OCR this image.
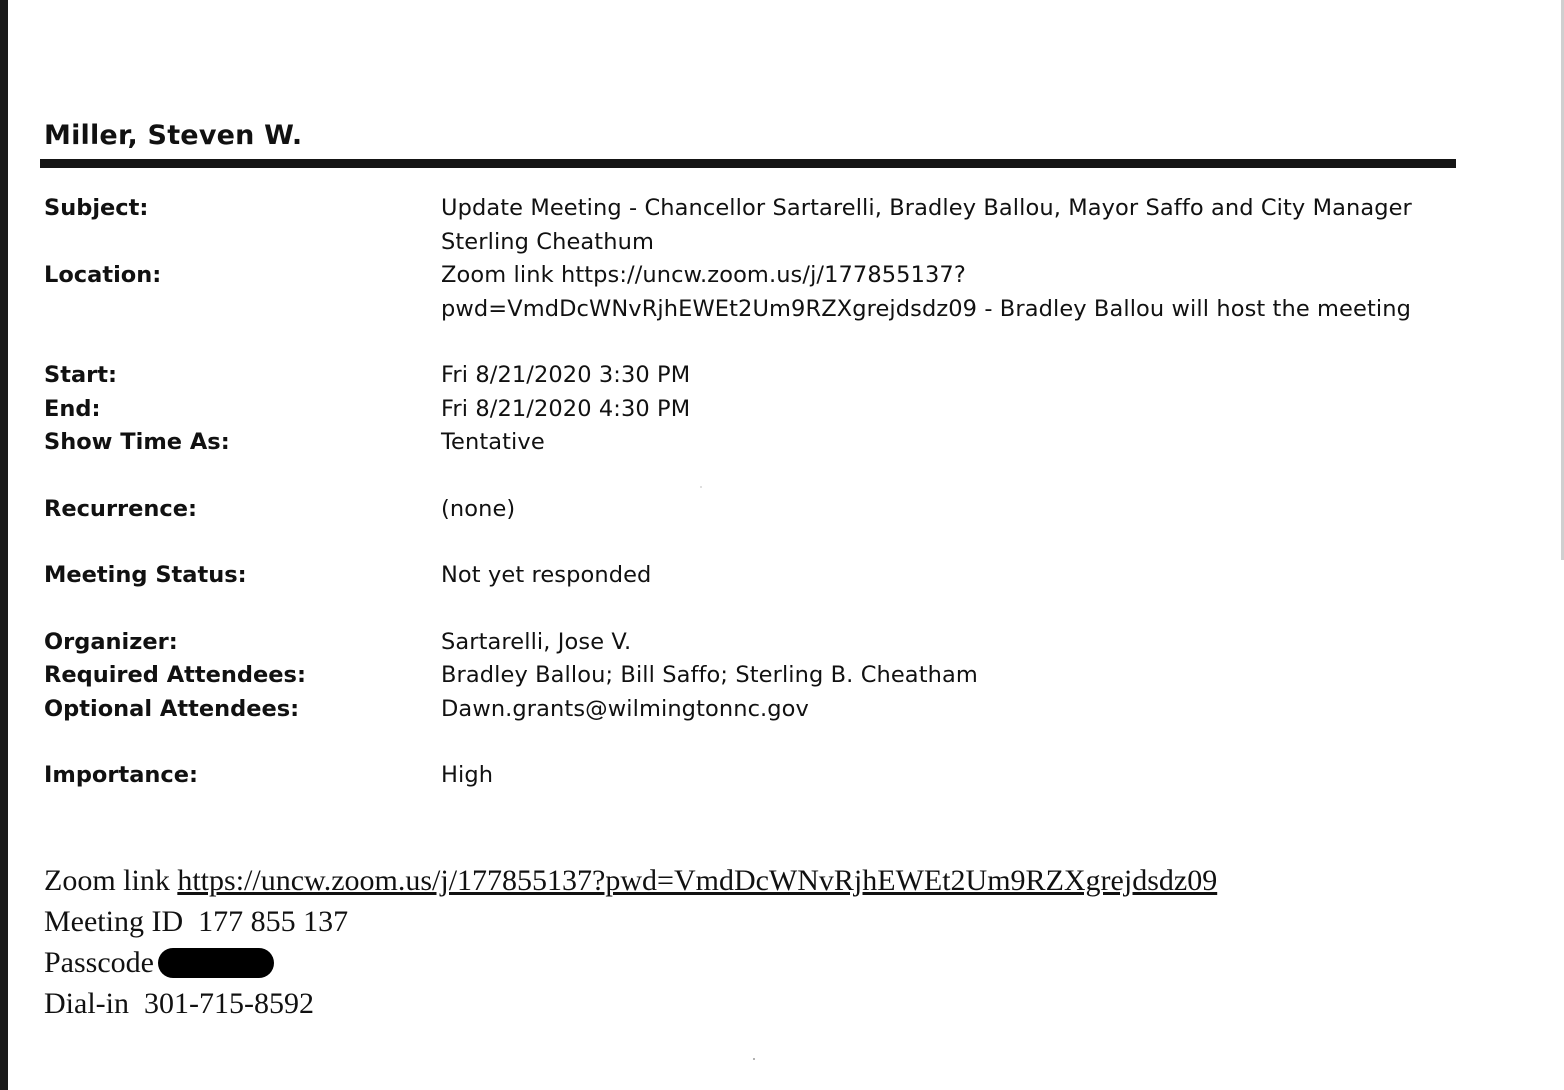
Miller, Steven W.
Subject:	Update Meeting - Chancellor Sartarelli, Bradley Ballou, Mayor Saffo and City Manager
Sterling Cheathum
Location:	Zoom link https://uncw.zoom.us/j/177855137?
pwd=VmdDcWNvRjhEWEt2Um9RZXgrejdsdz09 - Bradley Ballou will host the meeting
Start:	Fri 8/21/2020 3:30 PM
End:	Fri 8/21/2020 4:30 PM
Show Time As:	Tentative
Recurrence:	(none)
Meeting Status:	Not yet responded
Organizer:	Sartarelli, Jose V.
Required Attendees:	Bradley Ballou; Bill Saffo; Sterling B. Cheatham
Optional Attendees:	Dawn.grants@wilmingtonnc.gov
Importance:	High
Zoom link https://uncw.zoom.us/j/177855137?pwd=VmdDcWNvRjhEWEt2Um9RZXgrejdsdz09
Meeting ID 177 855 137
Passcode
Dial-in 301-715-8592
